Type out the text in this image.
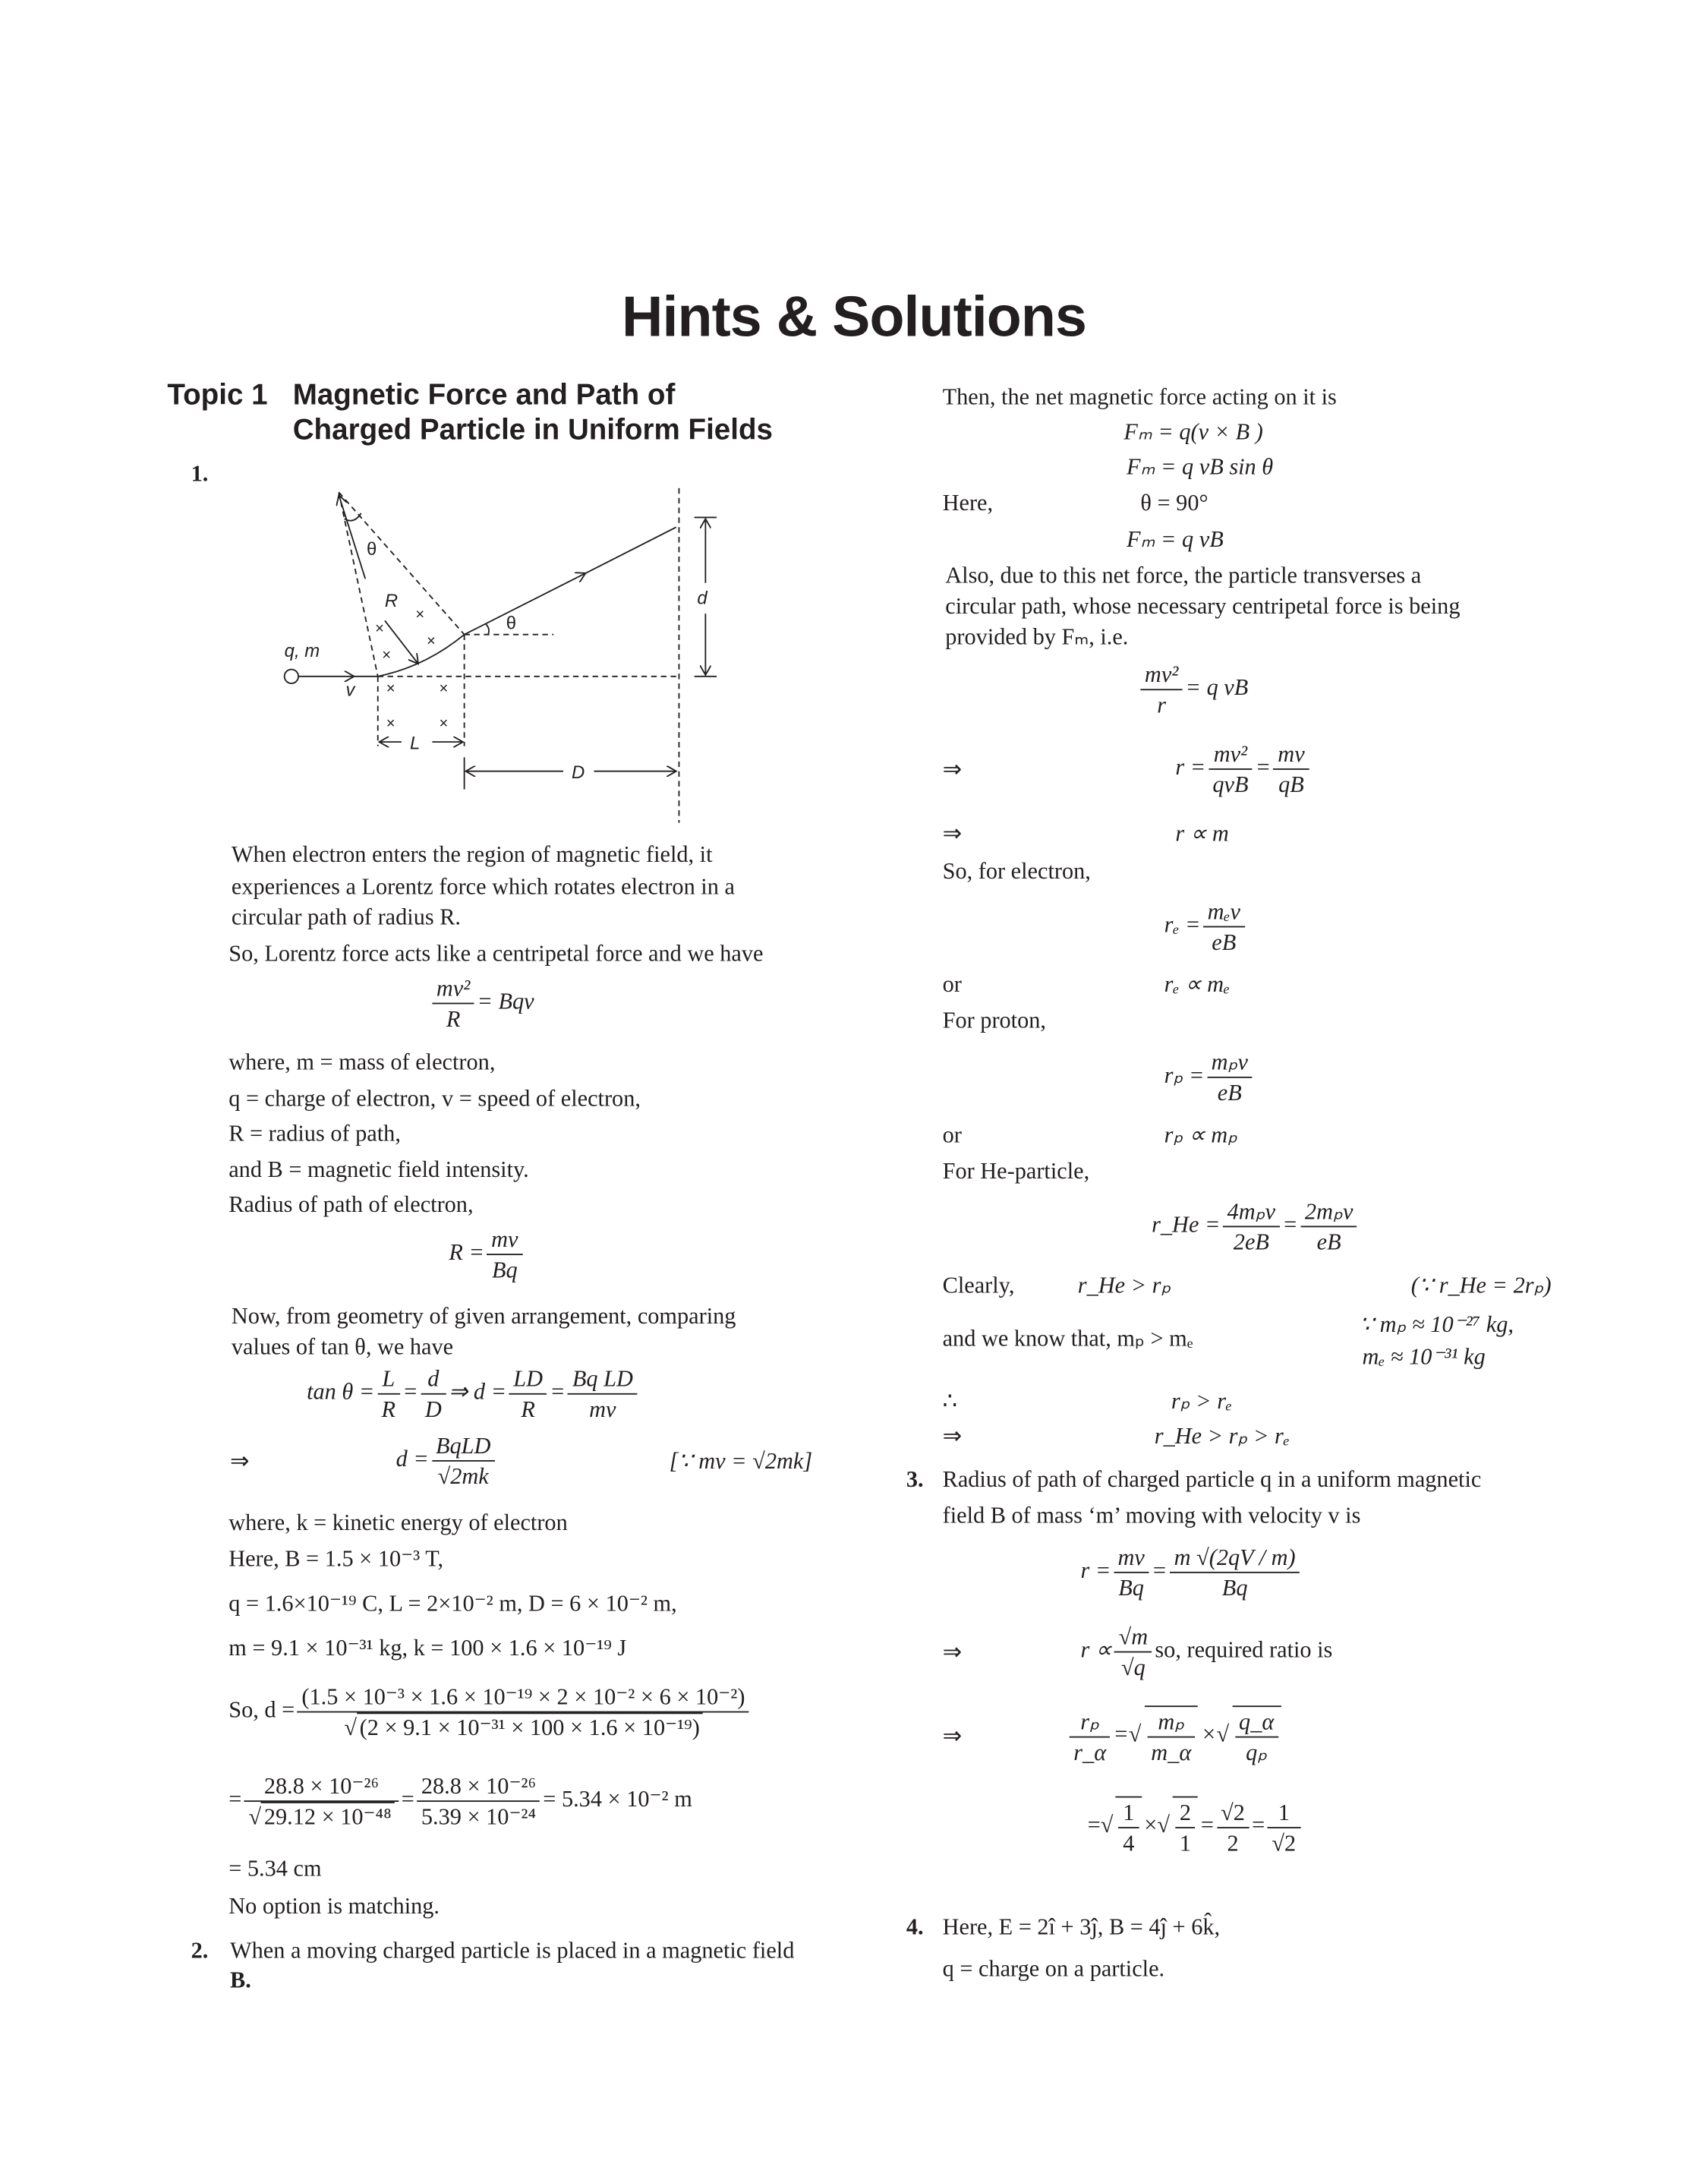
Hints & Solutions
Topic 1 Magnetic Force and Path of
Charged Particle in Uniform Fields
1.
q, m
v
R
θ
θ
L
D
d
×
×
×
×
×	×
×	×
When electron enters the region of magnetic field, it
experiences a Lorentz force which rotates electron in a
circular path of radius R.
So, Lorentz force acts like a centripetal force and we have
$\frac{\text{mv²}}{R}$ = Bqv
where, m = mass of electron,
q = charge of electron, v = speed of electron,
R = radius of path,
and B = magnetic field intensity.
Radius of path of electron,
$R = \frac{mv}{Bq}$
Now, from geometry of given arrangement, comparing
values of tan θ, we have
$\tan \theta = \frac{L}{R} = \frac{d}{D}$ ⇒ $d = \frac{LD}{R} = \frac{\text{Bq LD}}{mv}$
⇒	$d = \frac{\text{BqLD}}{√2mk}$	[∵ mv = √2mk]
where, k = kinetic energy of electron
Here, B = 1.5 × 10⁻³ T,
q = 1.6×10⁻¹⁹ C, L = 2×10⁻² m, D = 6 × 10⁻² m,
m = 9.1 × 10⁻³¹ kg, k = 100 × 1.6 × 10⁻¹⁹ J
So, $d = \frac{\text{(1.5 × 10⁻³ × 1.6 × 10⁻¹⁹ × 2 × 10⁻² × 6 × 10⁻²)}}{\text{√ (2 × 9.1 × 10⁻³¹ × 100 × 1.6 × 10⁻¹⁹)}}$
= $\frac{\text{28.8 × 10⁻²⁶}}{\text{√ 29.12 × 10⁻⁴⁸}} = \frac{\text{28.8 × 10⁻²⁶}}{\text{5.39 × 10⁻²⁴}} = 5.34 \times 10^{-2}$ m
= 5.34 cm
No option is matching.
2. When a moving charged particle is placed in a magnetic field
B.
Then, the net magnetic force acting on it is
Fₘ = q(v × B )
Fₘ = q vB sin θ
Here,	θ = 90°
Fₘ = q vB
Also, due to this net force, the particle transverses a
circular path, whose necessary centripetal force is being
provided by Fₘ, i.e.
$\frac{\text{mv²}}{r} = q$ vB
⇒	$r = \frac{\text{mv²}}{\text{qvB}} = \frac{mv}{qB}$
⇒	r ∝ m
So, for electron,
$r_e = \frac{\text{mₑv}}{eB}$
or	rₑ ∝ mₑ
For proton,
$r_p = \frac{\text{mₚv}}{eB}$
or	rₚ ∝ mₚ
For He-particle,
r_He = $\frac{\text{4mₚv}}{2eB} = \frac{\text{2mₚv}}{eB}$
Clearly,	r_He > rₚ	(∵ r_He = 2rₚ)
∵ mₚ ≈ 10⁻²⁷ kg,
and we know that, mₚ > mₑ
mₑ ≈ 10⁻³¹ kg
∴	rₚ > rₑ
⇒	r_He > rₚ > rₑ
3. Radius of path of charged particle q in a uniform magnetic
field B of mass ‘m’ moving with velocity v is
$r = \frac{mv}{Bq} = \frac{m √(2qV / m)}{Bq}$
⇒	$r \propto \frac{√m}{√q}$ so, required ratio is
⇒	$\frac{\text{rₚ}}{r\_\alpha}$ =√ $\frac{\text{mₚ}}{m\_\alpha}$ ×√ $\frac{q\_\alpha}{\text{qₚ}}$
=√ $\frac{1}{4}$ ×√ $\frac{2}{1} = \frac{√2}{2} = \frac{1}{√2}$
4. Here, E = 2î + 3ĵ, B = 4ĵ + 6k̂,
q = charge on a particle.
